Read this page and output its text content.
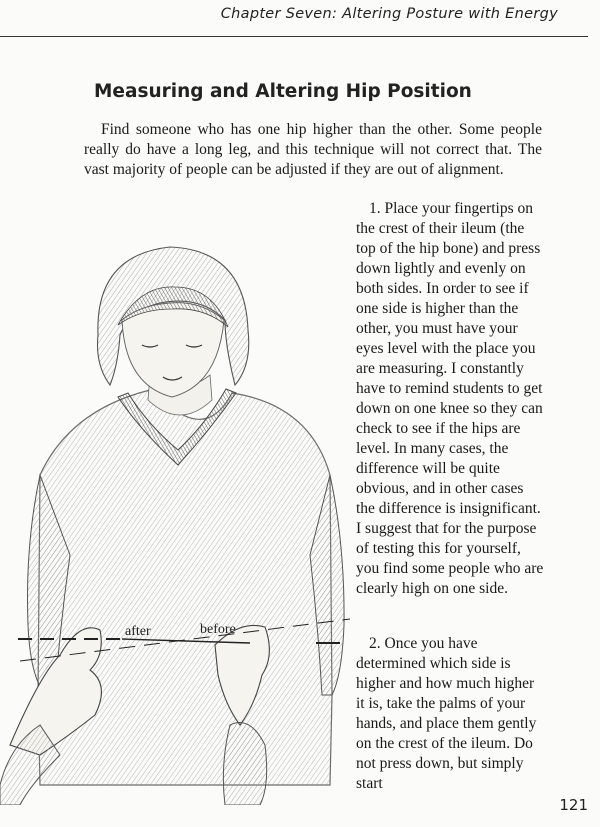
Chapter Seven: Altering Posture with Energy
Measuring and Altering Hip Position

Find someone who has one hip higher than the other. Some people really do have a long leg, and this technique will not correct that. The vast majority of people can be adjusted if they are out of alignment.

1. Place your fingertips on the crest of their ileum (the top of the hip bone) and press down lightly and evenly on both sides. In order to see if one side is higher than the other, you must have your eyes level with the place you are measuring. I constantly have to remind students to get down on one knee so they can check to see if the hips are level. In many cases, the difference will be quite obvious, and in other cases the difference is insignificant. I suggest that for the purpose of testing this for yourself, you find some people who are clearly high on one side.

2. Once you have determined which side is higher and how much higher it is, take the palms of your hands, and place them gently on the crest of the ileum. Do not press down, but simply start

after	before
121
